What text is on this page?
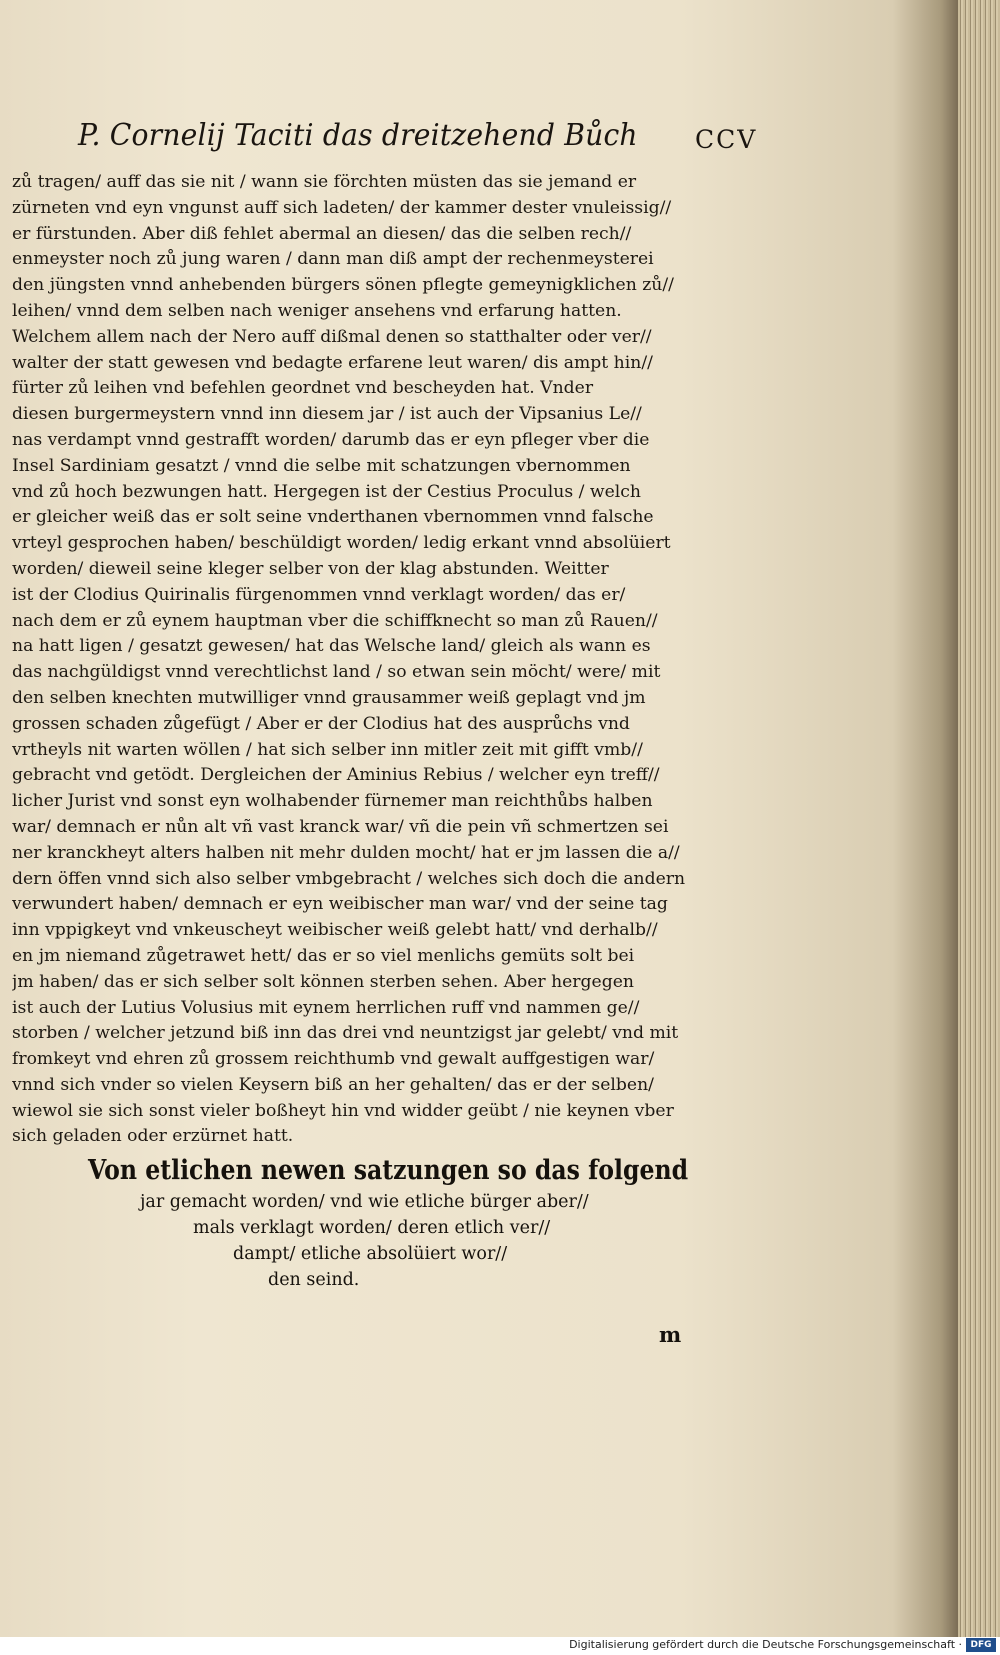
P. Cornelij Taciti das dreitzehend Bůch CCV
zů tragen/ auff das sie nit / wann sie förchten müsten das sie jemand er
zürneten vnd eyn vngunst auff sich ladeten/ der kammer dester vnuleissig//
er fürstunden. Aber diß fehlet abermal an diesen/ das die selben rech//
enmeyster noch zů jung waren / dann man diß ampt der rechenmeysterei
den jüngsten vnnd anhebenden bürgers sönen pflegte gemeynigklichen zů//
leihen/ vnnd dem selben nach weniger ansehens vnd erfarung hatten.
Welchem allem nach der Nero auff dißmal denen so statthalter oder ver//
walter der statt gewesen vnd bedagte erfarene leut waren/ dis ampt hin//
fürter zů leihen vnd befehlen geordnet vnd bescheyden hat. Vnder
diesen burgermeystern vnnd inn diesem jar / ist auch der Vipsanius Le//
nas verdampt vnnd gestrafft worden/ darumb das er eyn pfleger vber die
Insel Sardiniam gesatzt / vnnd die selbe mit schatzungen vbernommen
vnd zů hoch bezwungen hatt. Hergegen ist der Cestius Proculus / welch
er gleicher weiß das er solt seine vnderthanen vbernommen vnnd falsche
vrteyl gesprochen haben/ beschüldigt worden/ ledig erkant vnnd absolüiert
worden/ dieweil seine kleger selber von der klag abstunden. Weitter
ist der Clodius Quirinalis fürgenommen vnnd verklagt worden/ das er/
nach dem er zů eynem hauptman vber die schiffknecht so man zů Rauen//
na hatt ligen / gesatzt gewesen/ hat das Welsche land/ gleich als wann es
das nachgüldigst vnnd verechtlichst land / so etwan sein möcht/ were/ mit
den selben knechten mutwilliger vnnd grausammer weiß geplagt vnd jm
grossen schaden zůgefügt / Aber er der Clodius hat des ausprůchs vnd
vrtheyls nit warten wöllen / hat sich selber inn mitler zeit mit gifft vmb//
gebracht vnd getödt. Dergleichen der Aminius Rebius / welcher eyn treff//
licher Jurist vnd sonst eyn wolhabender fürnemer man reichthůbs halben
war/ demnach er nůn alt vñ vast kranck war/ vñ die pein vñ schmertzen sei
ner kranckheyt alters halben nit mehr dulden mocht/ hat er jm lassen die a//
dern öffen vnnd sich also selber vmbgebracht / welches sich doch die andern
verwundert haben/ demnach er eyn weibischer man war/ vnd der seine tag
inn vppigkeyt vnd vnkeuscheyt weibischer weiß gelebt hatt/ vnd derhalb//
en jm niemand zůgetrawet hett/ das er so viel menlichs gemüts solt bei
jm haben/ das er sich selber solt können sterben sehen. Aber hergegen
ist auch der Lutius Volusius mit eynem herrlichen ruff vnd nammen ge//
storben / welcher jetzund biß inn das drei vnd neuntzigst jar gelebt/ vnd mit
fromkeyt vnd ehren zů grossem reichthumb vnd gewalt auffgestigen war/
vnnd sich vnder so vielen Keysern biß an her gehalten/ das er der selben/
wiewol sie sich sonst vieler boßheyt hin vnd widder geübt / nie keynen vber
sich geladen oder erzürnet hatt.
Von etlichen newen satzungen so das folgend
jar gemacht worden/ vnd wie etliche bürger aber//
mals verklagt worden/ deren etlich ver//
dampt/ etliche absolüiert wor//
den seind.
m
Digitalisierung gefördert durch die Deutsche Forschungsgemeinschaft · DFG
